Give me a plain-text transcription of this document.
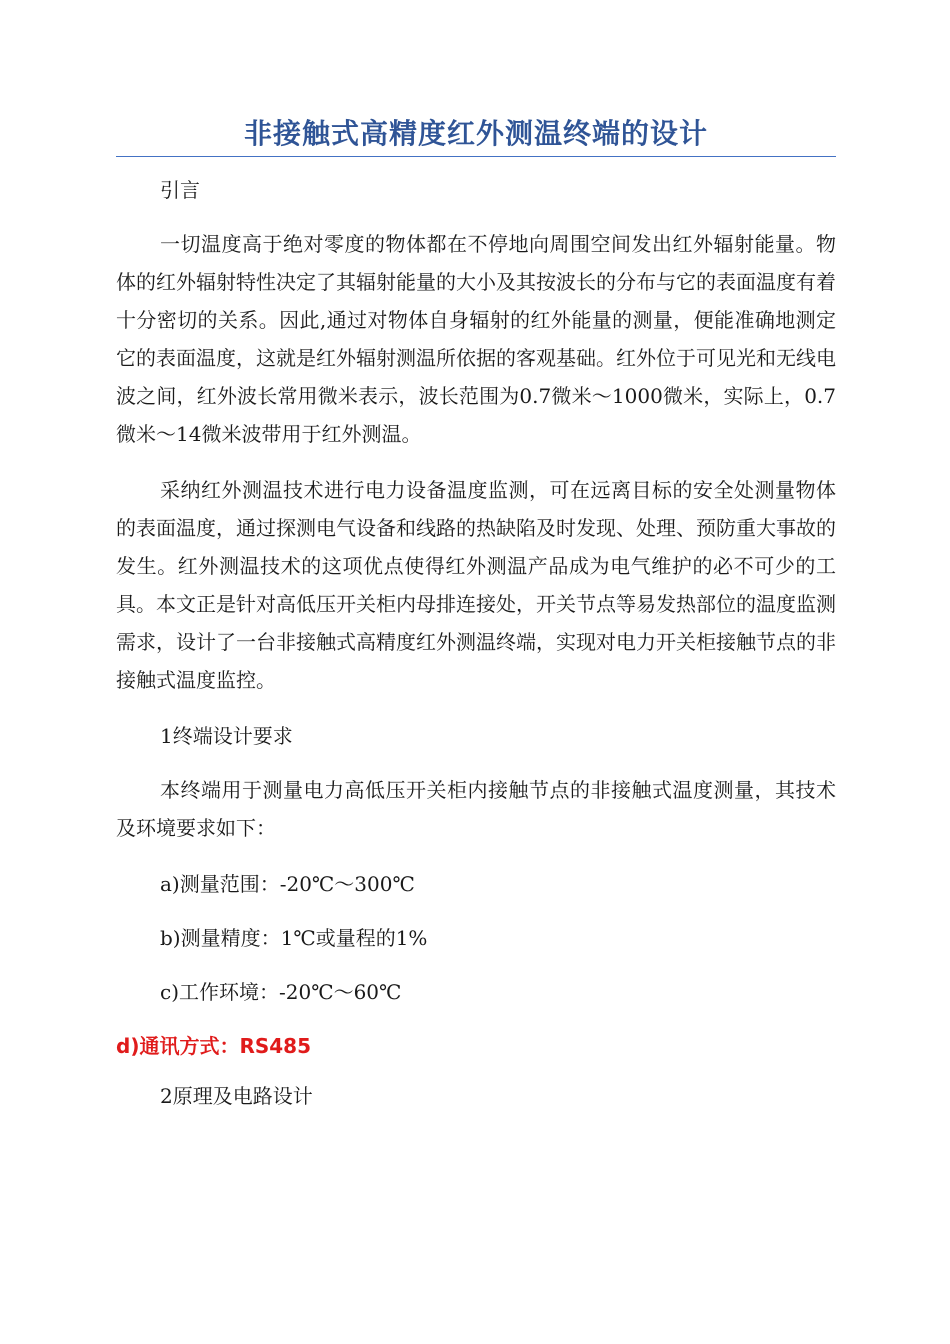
非接触式高精度红外测温终端的设计
引言

一切温度高于绝对零度的物体都在不停地向周围空间发出红外辐射能量。物体的红外辐射特性决定了其辐射能量的大小及其按波长的分布与它的表面温度有着十分密切的关系。因此,通过对物体自身辐射的红外能量的测量，便能准确地测定它的表面温度，这就是红外辐射测温所依据的客观基础。红外位于可见光和无线电波之间，红外波长常用微米表示，波长范围为0.7微米～1000微米，实际上，0.7微米～14微米波带用于红外测温。

采纳红外测温技术进行电力设备温度监测，可在远离目标的安全处测量物体的表面温度，通过探测电气设备和线路的热缺陷及时发现、处理、预防重大事故的发生。红外测温技术的这项优点使得红外测温产品成为电气维护的必不可少的工具。本文正是针对高低压开关柜内母排连接处，开关节点等易发热部位的温度监测需求，设计了一台非接触式高精度红外测温终端，实现对电力开关柜接触节点的非接触式温度监控。

1终端设计要求

本终端用于测量电力高低压开关柜内接触节点的非接触式温度测量，其技术及环境要求如下：

a)测量范围：-20℃～300℃
b)测量精度：1℃或量程的1%
c)工作环境：-20℃～60℃
d)通讯方式：RS485
2原理及电路设计
